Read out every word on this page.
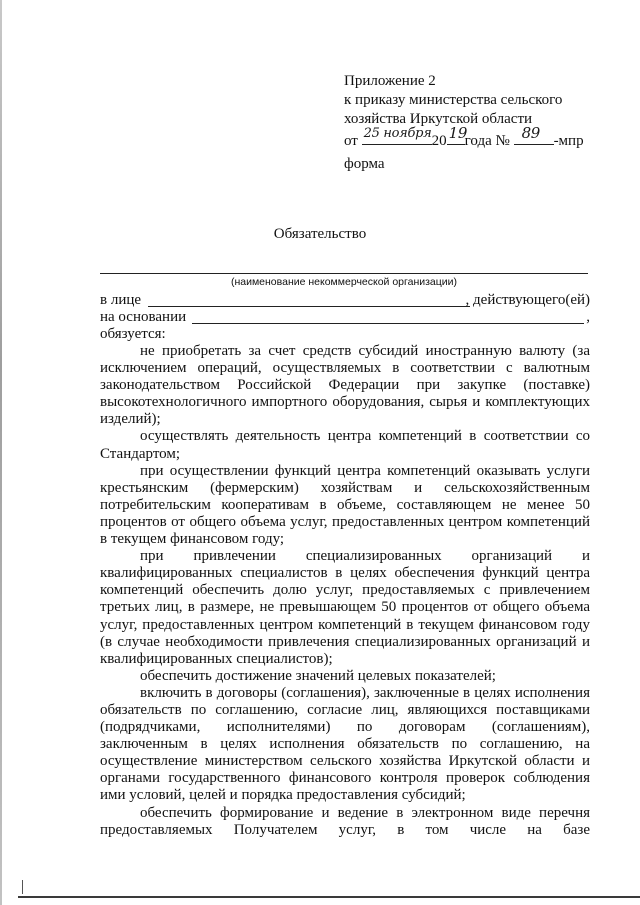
Приложение 2
к приказу министерства сельского
хозяйства Иркутской области
от 25 ноября 20 19
года № 89 -мпр
форма
Обязательство
(наименование некоммерческой организации)
в лице	, действующего(ей)
на основании	,
обязуется:

не приобретать за счет средств субсидий иностранную валюту (за исключением операций, осуществляемых в соответствии с валютным законодательством Российской Федерации при закупке (поставке) высокотехнологичного импортного оборудования, сырья и комплектующих изделий);

осуществлять деятельность центра компетенций в соответствии со Стандартом;

при осуществлении функций центра компетенций оказывать услуги крестьянским (фермерским) хозяйствам и сельскохозяйственным потребительским кооперативам в объеме, составляющем не менее 50 процентов от общего объема услуг, предоставленных центром компетенций в текущем финансовом году;

при привлечении специализированных организаций и квалифицированных специалистов в целях обеспечения функций центра компетенций обеспечить долю услуг, предоставляемых с привлечением третьих лиц, в размере, не превышающем 50 процентов от общего объема услуг, предоставленных центром компетенций в текущем финансовом году (в случае необходимости привлечения специализированных организаций и квалифицированных специалистов);

обеспечить достижение значений целевых показателей;

включить в договоры (соглашения), заключенные в целях исполнения обязательств по соглашению, согласие лиц, являющихся поставщиками (подрядчиками, исполнителями) по договорам (соглашениям), заключенным в целях исполнения обязательств по соглашению, на осуществление министерством сельского хозяйства Иркутской области и органами государственного финансового контроля проверок соблюдения ими условий, целей и порядка предоставления субсидий;

обеспечить формирование и ведение в электронном виде перечня предоставляемых Получателем услуг, в том числе на базе
